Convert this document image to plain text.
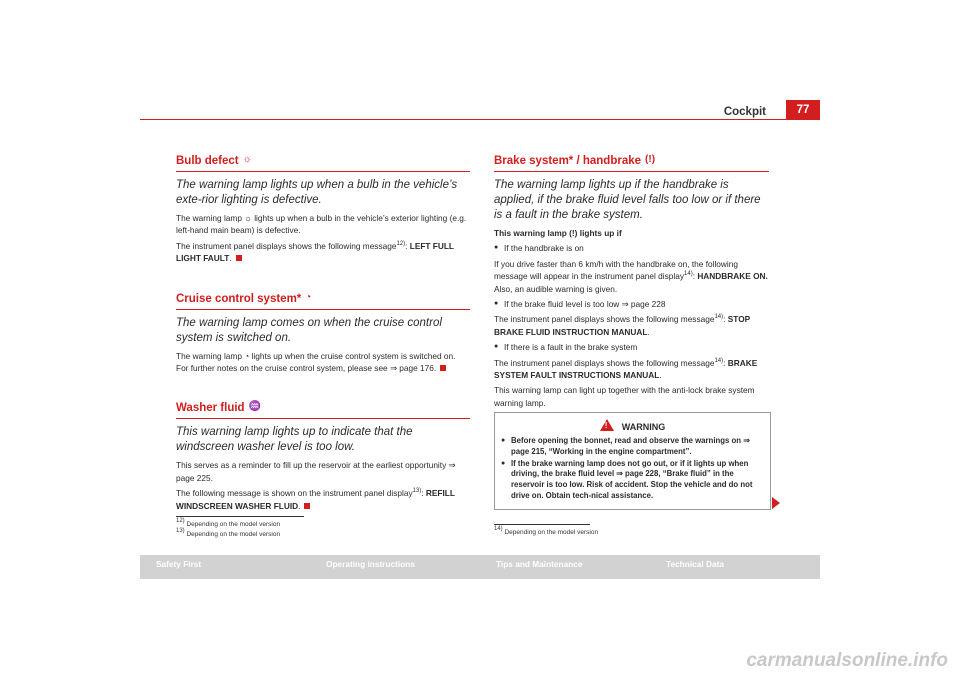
Cockpit	77
Bulb defect ☼
The warning lamp lights up when a bulb in the vehicle’s exte-rior lighting is defective.

The warning lamp ☼ lights up when a bulb in the vehicle’s exterior lighting (e.g. left-hand main beam) is defective.

The instrument panel displays shows the following message$^{12)}$: LEFT FULL LIGHT FAULT.

Cruise control system* ◔
The warning lamp comes on when the cruise control system is switched on.

The warning lamp ◔ lights up when the cruise control system is switched on. For further notes on the cruise control system, please see ⇒ page 176.

Washer fluid ♒
This warning lamp lights up to indicate that the windscreen washer level is too low.

This serves as a reminder to fill up the reservoir at the earliest opportunity ⇒ page 225.

The following message is shown on the instrument panel display$^{13)}$: REFILL WINDSCREEN WASHER FLUID.

$^{12)}$ Depending on the model version
$^{13)}$ Depending on the model version
Brake system* / handbrake (!)
The warning lamp lights up if the handbrake is applied, if the brake fluid level falls too low or if there is a fault in the brake system.

This warning lamp (!) lights up if

● If the handbrake is on

If you drive faster than 6 km/h with the handbrake on, the following message will appear in the instrument panel display$^{14)}$: HANDBRAKE ON. Also, an audible warning is given.

● If the brake fluid level is too low ⇒ page 228

The instrument panel displays shows the following message$^{14)}$: STOP BRAKE FLUID INSTRUCTION MANUAL.

● If there is a fault in the brake system

The instrument panel displays shows the following message$^{14)}$: BRAKE SYSTEM FAULT INSTRUCTIONS MANUAL.

This warning lamp can light up together with the anti-lock brake system warning lamp.

! WARNING

● Before opening the bonnet, read and observe the warnings on ⇒ page 215, “Working in the engine compartment”.

● If the brake warning lamp does not go out, or if it lights up when driving, the brake fluid level ⇒ page 228, “Brake fluid” in the reservoir is too low. Risk of accident. Stop the vehicle and do not drive on. Obtain tech-nical assistance.

$^{14)}$ Depending on the model version
Safety First	Operating instructions	Tips and Maintenance	Technical Data
carmanualsonline.info
